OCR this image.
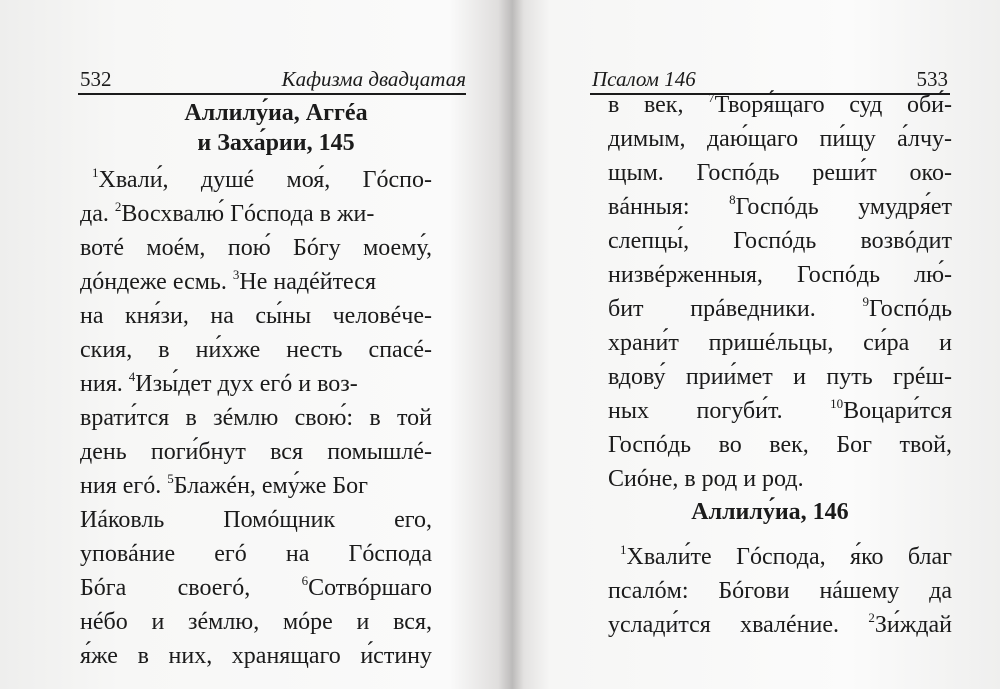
532	Кафизма двадцатая
Аллилу́иа, Аггéа
и Заха́рии, 145
$^1$Хвали́, душé моя́, Гóспо-
да. $^2$Восхвалю́ Гóспода в жи-
вотé моéм, пою́ Бóгу моему́,
дóндеже есмь. $^3$Не надéйтеся
на кня́зи, на сы́ны человéче-
ския, в ни́хже несть спасé-
ния. $^4$Изы́дет дух егó и воз-
врати́тся в зéмлю свою́: в той
день поги́бнут вся помышлé-
ния егó. $^5$Блажéн, ему́же Бог
Иáковль Помóщник его,
уповáние егó на Гóспода
Бóга своегó,	$^6$Сотвóршаго
нéбо и зéмлю, мóре и вся,
я́же в них, хранящаго и́стину
Псалом 146	533
в век, $^7$Творя́щаго суд оби́-
димым, даю́щаго пи́щу а́лчу-
щым. Госпóдь реши́т око-
вáнныя:	$^8$Госпóдь умудря́ет
слепцы́, Госпóдь возвóдит
низвéрженныя, Госпóдь лю́-
бит прáведники.	$^9$Госпóдь
храни́т пришéльцы, си́ра и
вдову́ прии́мет и путь грéш-
ных погуби́т.	$^{10}$Воцари́тся
Госпóдь во век, Бог твой,
Сиóне, в род и род.
Аллилу́иа, 146
$^1$Хвали́те Гóспода, я́ко благ
псалóм: Бóгови нáшему да
услади́тся хвалéние. $^2$Зи́ждай
